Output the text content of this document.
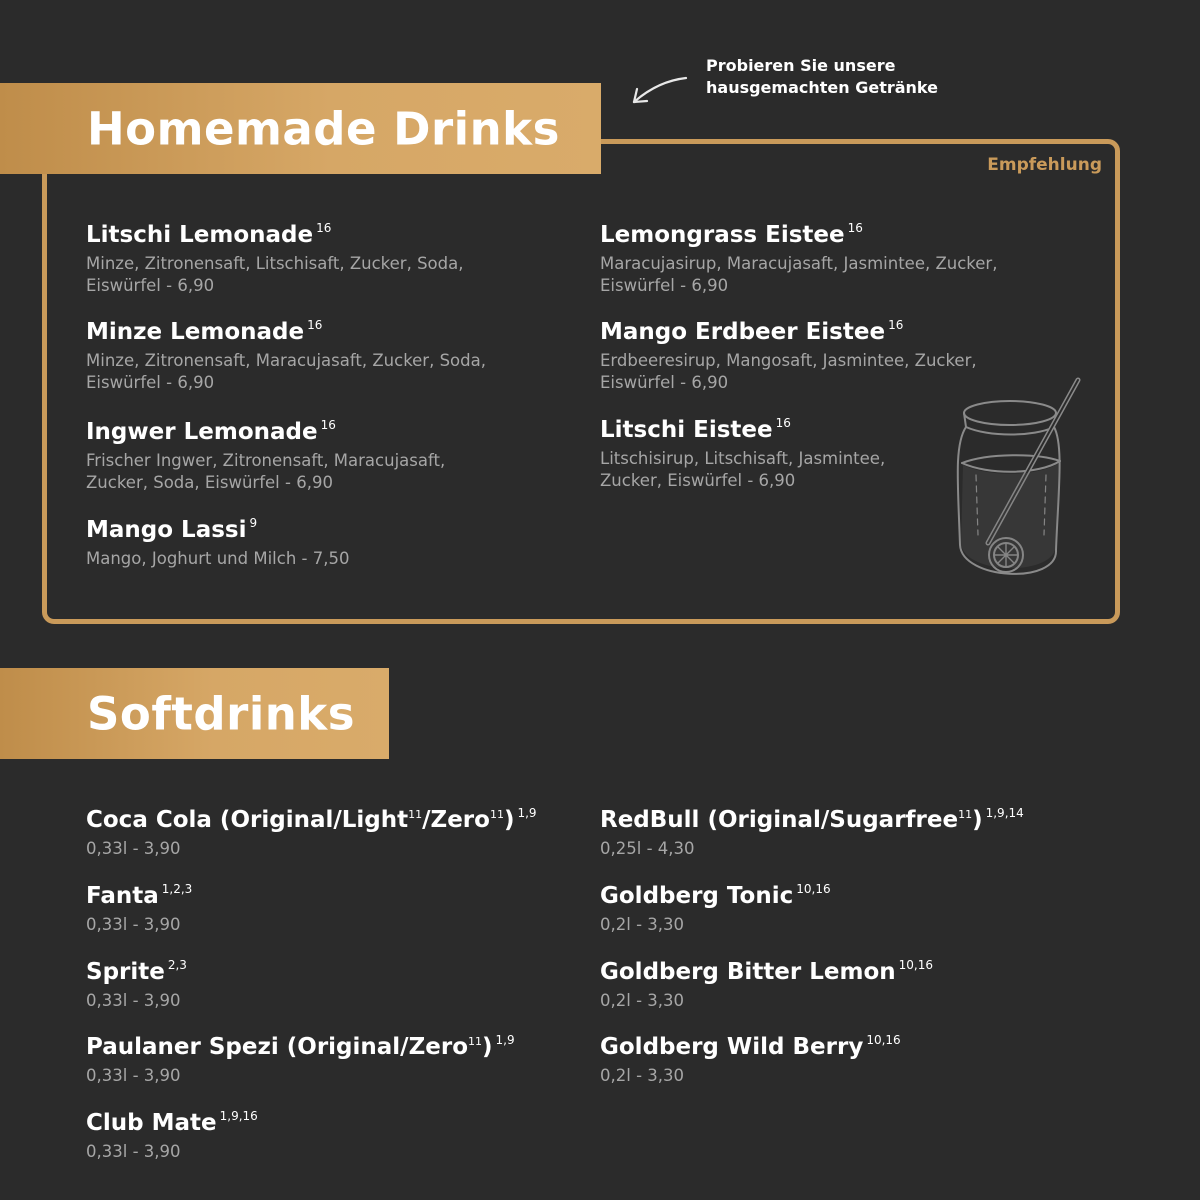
Probieren Sie unsere
hausgemachten Getränke
Homemade Drinks
Empfehlung
Litschi Lemonade $^{16}$
Minze, Zitronensaft, Litschisaft, Zucker, Soda,
Eiswürfel - 6,90
Minze Lemonade $^{16}$
Minze, Zitronensaft, Maracujasaft, Zucker, Soda,
Eiswürfel - 6,90
Ingwer Lemonade $^{16}$
Frischer Ingwer, Zitronensaft, Maracujasaft,
Zucker, Soda, Eiswürfel - 6,90
Mango Lassi $^9$
Mango, Joghurt und Milch - 7,50
Lemongrass Eistee $^{16}$
Maracujasirup, Maracujasaft, Jasmintee, Zucker,
Eiswürfel - 6,90
Mango Erdbeer Eistee $^{16}$
Erdbeeresirup, Mangosaft, Jasmintee, Zucker,
Eiswürfel - 6,90
Litschi Eistee $^{16}$
Litschisirup, Litschisaft, Jasmintee,
Zucker, Eiswürfel - 6,90
Softdrinks
Coca Cola (Original/Light$^{11}$/Zero$^{11}$) $^{1,9}$
0,33l - 3,90
Fanta $^{1,2,3}$
0,33l - 3,90
Sprite $^{2,3}$
0,33l - 3,90
Paulaner Spezi (Original/Zero$^{11}$) $^{1,9}$
0,33l - 3,90
Club Mate $^{1,9,16}$
0,33l - 3,90
RedBull (Original/Sugarfree$^{11}$) $^{1,9,14}$
0,25l - 4,30
Goldberg Tonic $^{10,16}$
0,2l - 3,30
Goldberg Bitter Lemon $^{10,16}$
0,2l - 3,30
Goldberg Wild Berry $^{10,16}$
0,2l - 3,30
